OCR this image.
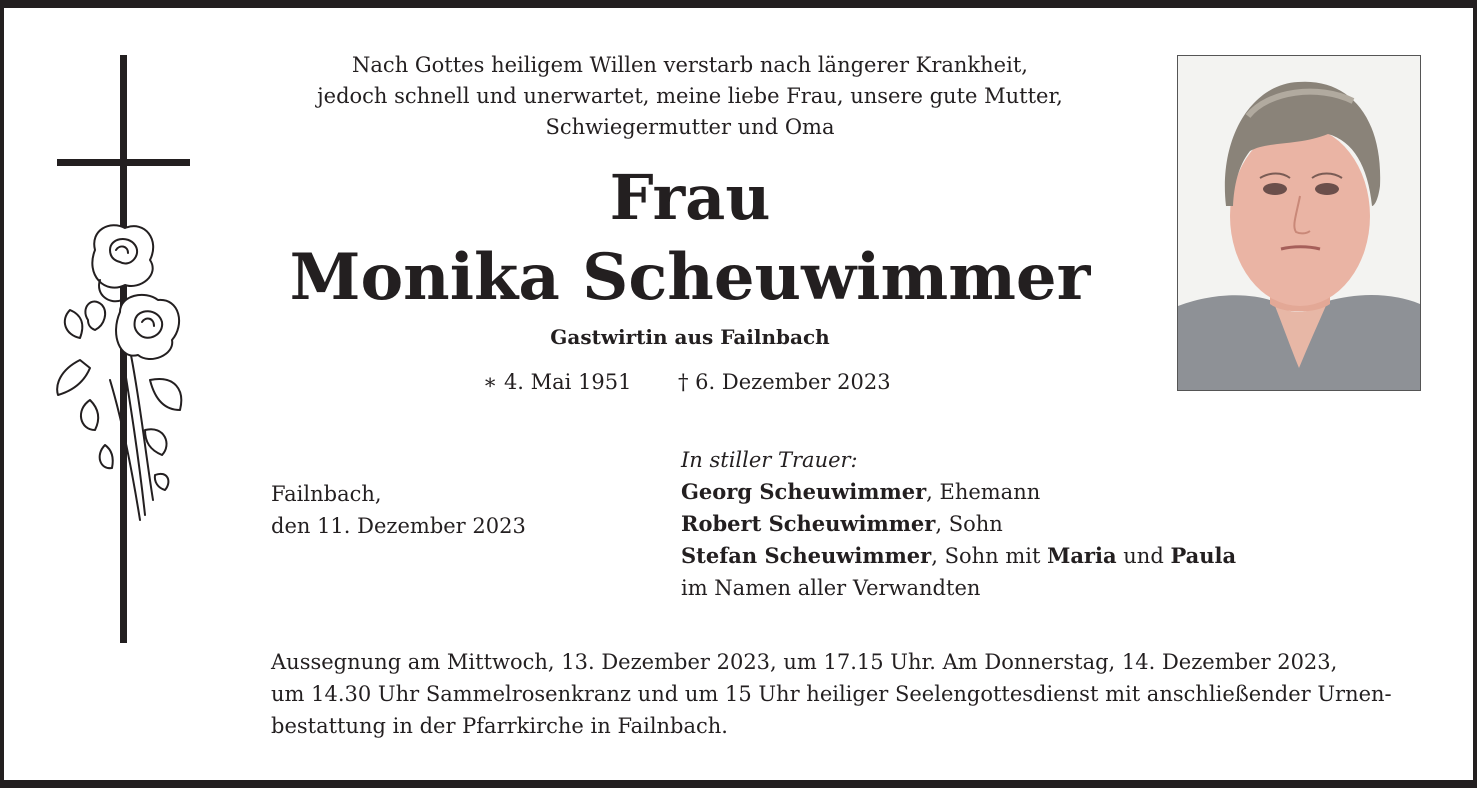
Nach Gottes heiligem Willen verstarb nach längerer Krankheit,
jedoch schnell und unerwartet, meine liebe Frau, unsere gute Mutter,
Schwiegermutter und Oma
Frau
Monika Scheuwimmer
Gastwirtin aus Failnbach
∗ 4. Mai 1951 † 6. Dezember 2023
Failnbach,
den 11. Dezember 2023
In stiller Trauer:
Georg Scheuwimmer, Ehemann
Robert Scheuwimmer, Sohn
Stefan Scheuwimmer, Sohn mit Maria und Paula
im Namen aller Verwandten
Aussegnung am Mittwoch, 13. Dezember 2023, um 17.15 Uhr. Am Donnerstag, 14. Dezember 2023,
um 14.30 Uhr Sammelrosenkranz und um 15 Uhr heiliger Seelengottesdienst mit anschließender Urnen-
bestattung in der Pfarrkirche in Failnbach.
